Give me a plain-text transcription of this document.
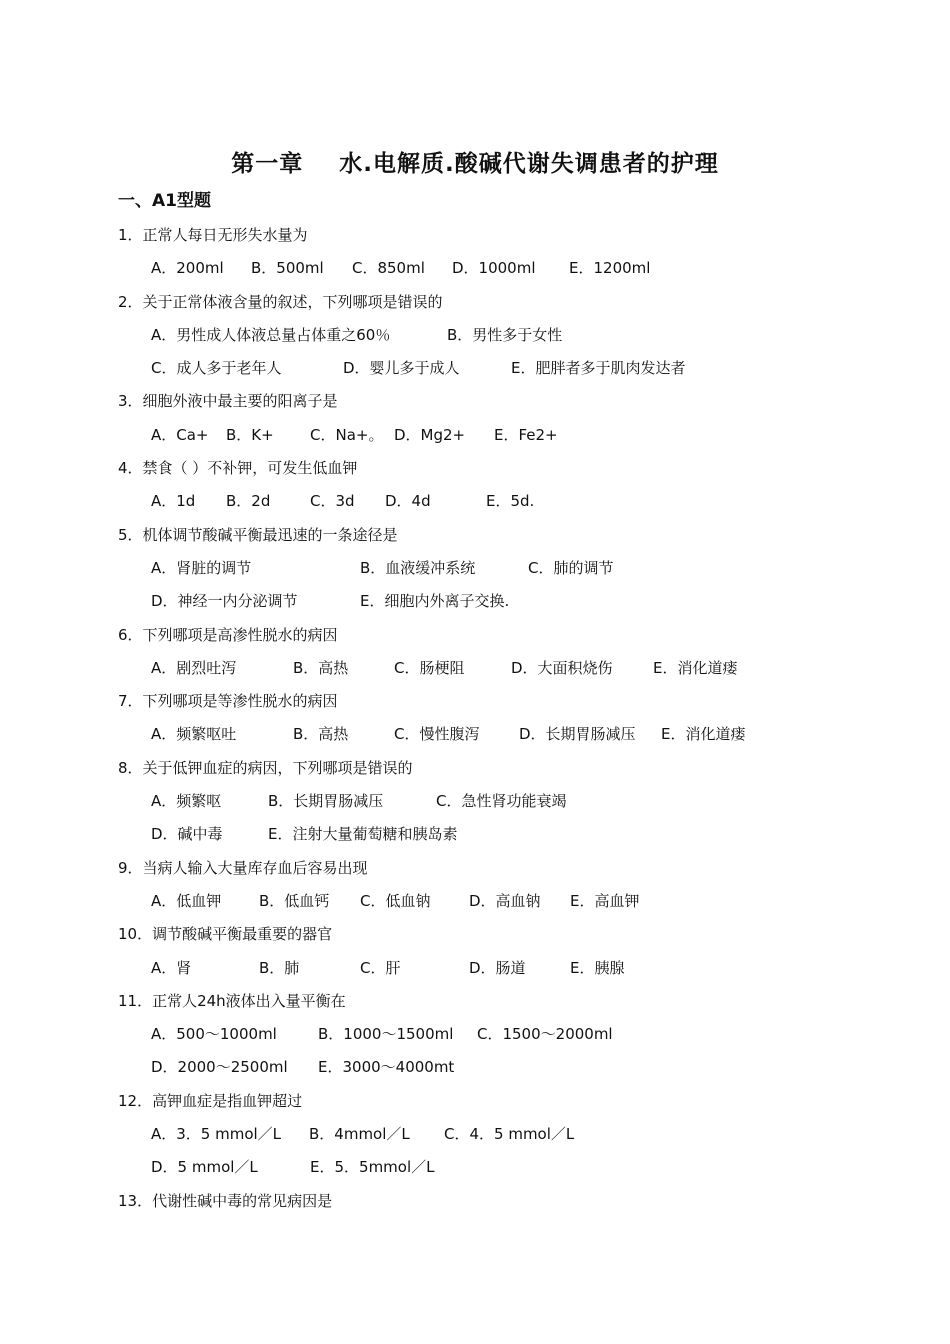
第一章    水.电解质.酸碱代谢失调患者的护理
一、A1型题
1．正常人每日无形失水量为
A．200ml B．500ml C．850ml D．1000ml E．1200ml
2．关于正常体液含量的叙述，下列哪项是错误的
A．男性成人体液总量占体重之60％	B．男性多于女性
C．成人多于老年人	D．婴儿多于成人	E．肥胖者多于肌肉发达者
3．细胞外液中最主要的阳离子是
A．Ca+ B．K+ C．Na+。 D．Mg2+ E．Fe2+
4．禁食（ ）不补钾，可发生低血钾
A．1d B．2d	C．3d D．4d	E．5d.
5．机体调节酸碱平衡最迅速的一条途径是
A．肾脏的调节	B．血液缓冲系统	C．肺的调节
D．神经一内分泌调节	E．细胞内外离子交换.
6．下列哪项是高渗性脱水的病因
A．剧烈吐泻	B．高热	C．肠梗阻	D．大面积烧伤	E．消化道瘘
7．下列哪项是等渗性脱水的病因
A．频繁呕吐	B．高热	C．慢性腹泻	D．长期胃肠减压 E．消化道瘘
8．关于低钾血症的病因，下列哪项是错误的
A．频繁呕	B．长期胃肠减压	C．急性肾功能衰竭
D．碱中毒	E．注射大量葡萄糖和胰岛素
9．当病人输入大量库存血后容易出现
A．低血钾	B．低血钙 C．低血钠	D．高血钠 E．高血钾
10．调节酸碱平衡最重要的器官
A．肾	B．肺	C．肝	D．肠道	E．胰腺
11．正常人24h液体出入量平衡在
A．500～1000ml	B．1000～1500ml C．1500～2000ml
D．2000～2500ml E．3000～4000mt
12．高钾血症是指血钾超过
A．3．5 mmol／L B．4mmol／L C．4．5 mmol／L
D．5 mmol／L	E．5．5mmol／L
13．代谢性碱中毒的常见病因是
